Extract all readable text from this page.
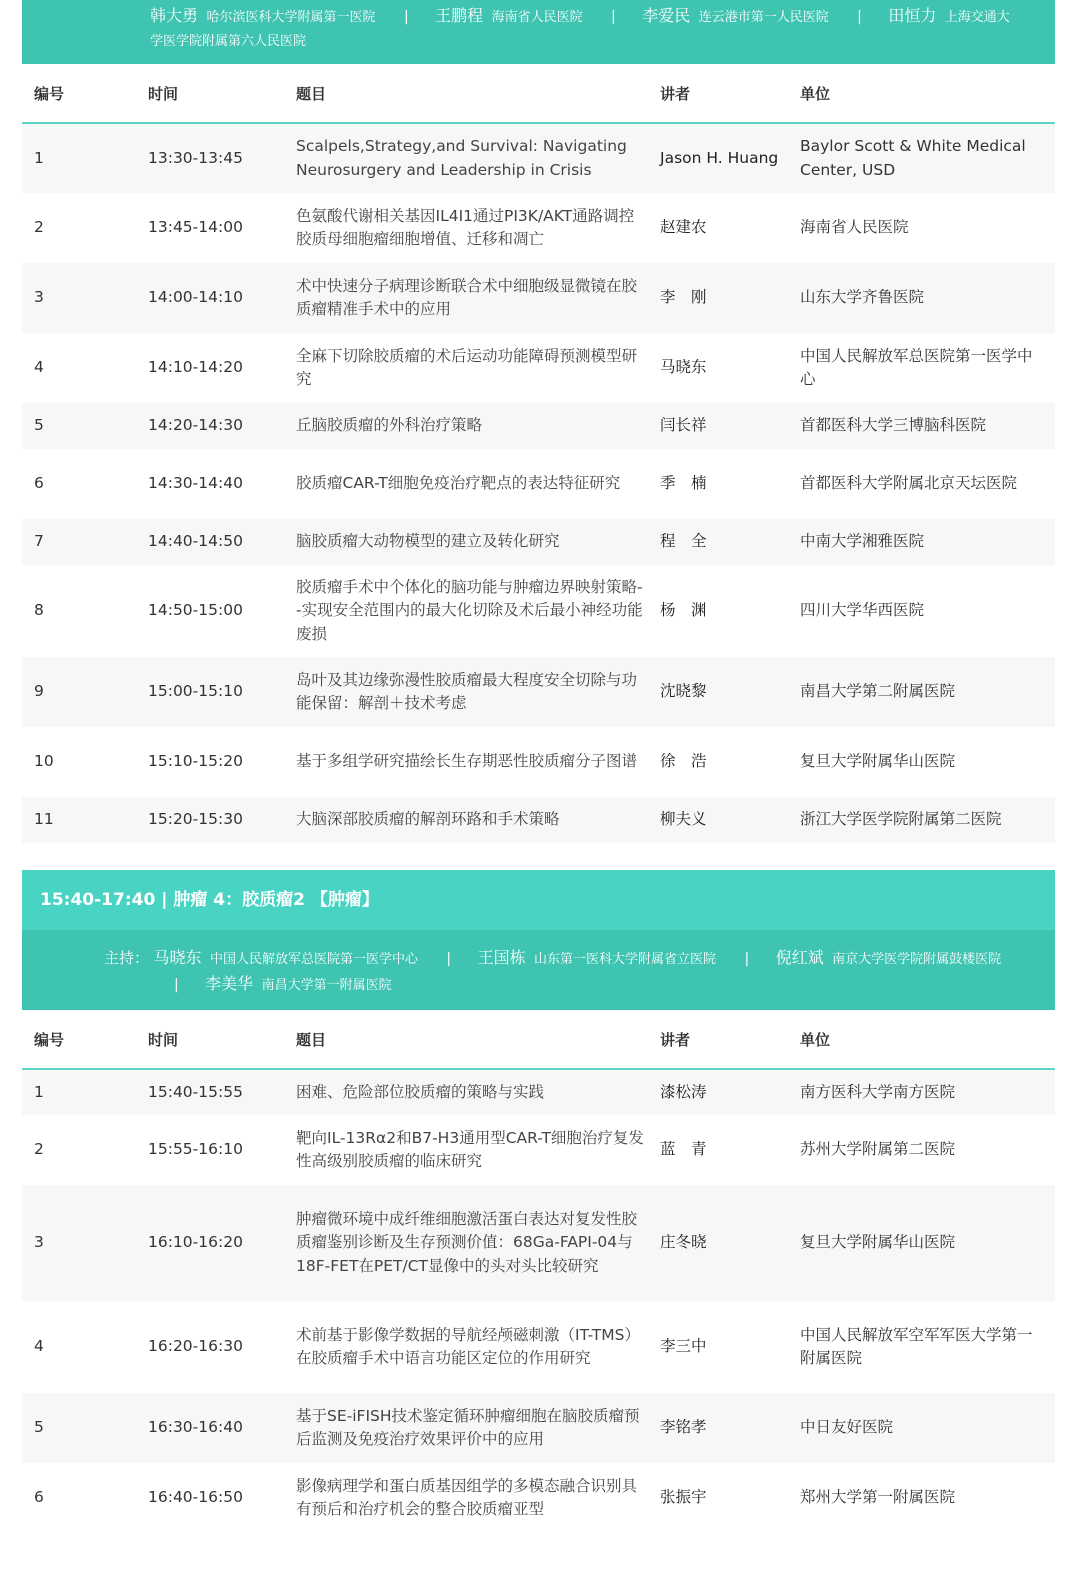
韩大勇 哈尔滨医科大学附属第一医院 | 王鹏程 海南省人民医院 | 李爱民 连云港市第一人民医院 | 田恒力 上海交通大
学医学院附属第六人民医院
编号	时间	题目	讲者	单位
1	13:30-13:45	Scalpels,Strategy,and Survival: Navigating Neurosurgery and Leadership in Crisis	Jason H. Huang	Baylor Scott & White Medical Center, USD
2	13:45-14:00	色氨酸代谢相关基因IL4I1通过PI3K/AKT通路调控胶质母细胞瘤细胞增值、迁移和凋亡	赵建农	海南省人民医院
3	14:00-14:10	术中快速分子病理诊断联合术中细胞级显微镜在胶质瘤精准手术中的应用	李　刚	山东大学齐鲁医院
4	14:10-14:20	全麻下切除胶质瘤的术后运动功能障碍预测模型研究	马晓东	中国人民解放军总医院第一医学中心
5	14:20-14:30	丘脑胶质瘤的外科治疗策略	闫长祥	首都医科大学三博脑科医院
6	14:30-14:40	胶质瘤CAR-T细胞免疫治疗靶点的表达特征研究	季　楠	首都医科大学附属北京天坛医院
7	14:40-14:50	脑胶质瘤大动物模型的建立及转化研究	程　全	中南大学湘雅医院
8	14:50-15:00	胶质瘤手术中个体化的脑功能与肿瘤边界映射策略--实现安全范围内的最大化切除及术后最小神经功能废损	杨　渊	四川大学华西医院
9	15:00-15:10	岛叶及其边缘弥漫性胶质瘤最大程度安全切除与功能保留：解剖＋技术考虑	沈晓黎	南昌大学第二附属医院
10	15:10-15:20	基于多组学研究描绘长生存期恶性胶质瘤分子图谱	徐　浩	复旦大学附属华山医院
11	15:20-15:30	大脑深部胶质瘤的解剖环路和手术策略	柳夫义	浙江大学医学院附属第二医院
15:40-17:40 | 肿瘤 4：胶质瘤2 【肿瘤】
主持： 马晓东 中国人民解放军总医院第一医学中心 | 王国栋 山东第一医科大学附属省立医院 | 倪红斌 南京大学医学院附属鼓楼医院
| 李美华 南昌大学第一附属医院
编号	时间	题目	讲者	单位
1	15:40-15:55	困难、危险部位胶质瘤的策略与实践	漆松涛	南方医科大学南方医院
2	15:55-16:10	靶向IL-13Rα2和B7-H3通用型CAR-T细胞治疗复发性高级别胶质瘤的临床研究	蓝　青	苏州大学附属第二医院
3	16:10-16:20	肿瘤微环境中成纤维细胞激活蛋白表达对复发性胶质瘤鉴别诊断及生存预测价值：68Ga-FAPI-04与18F-FET在PET/CT显像中的头对头比较研究	庄冬晓	复旦大学附属华山医院
4	16:20-16:30	术前基于影像学数据的导航经颅磁刺激（IT-TMS）在胶质瘤手术中语言功能区定位的作用研究	李三中	中国人民解放军空军军医大学第一附属医院
5	16:30-16:40	基于SE-iFISH技术鉴定循环肿瘤细胞在脑胶质瘤预后监测及免疫治疗效果评价中的应用	李铭孝	中日友好医院
6	16:40-16:50	影像病理学和蛋白质基因组学的多模态融合识别具有预后和治疗机会的整合胶质瘤亚型	张振宇	郑州大学第一附属医院
